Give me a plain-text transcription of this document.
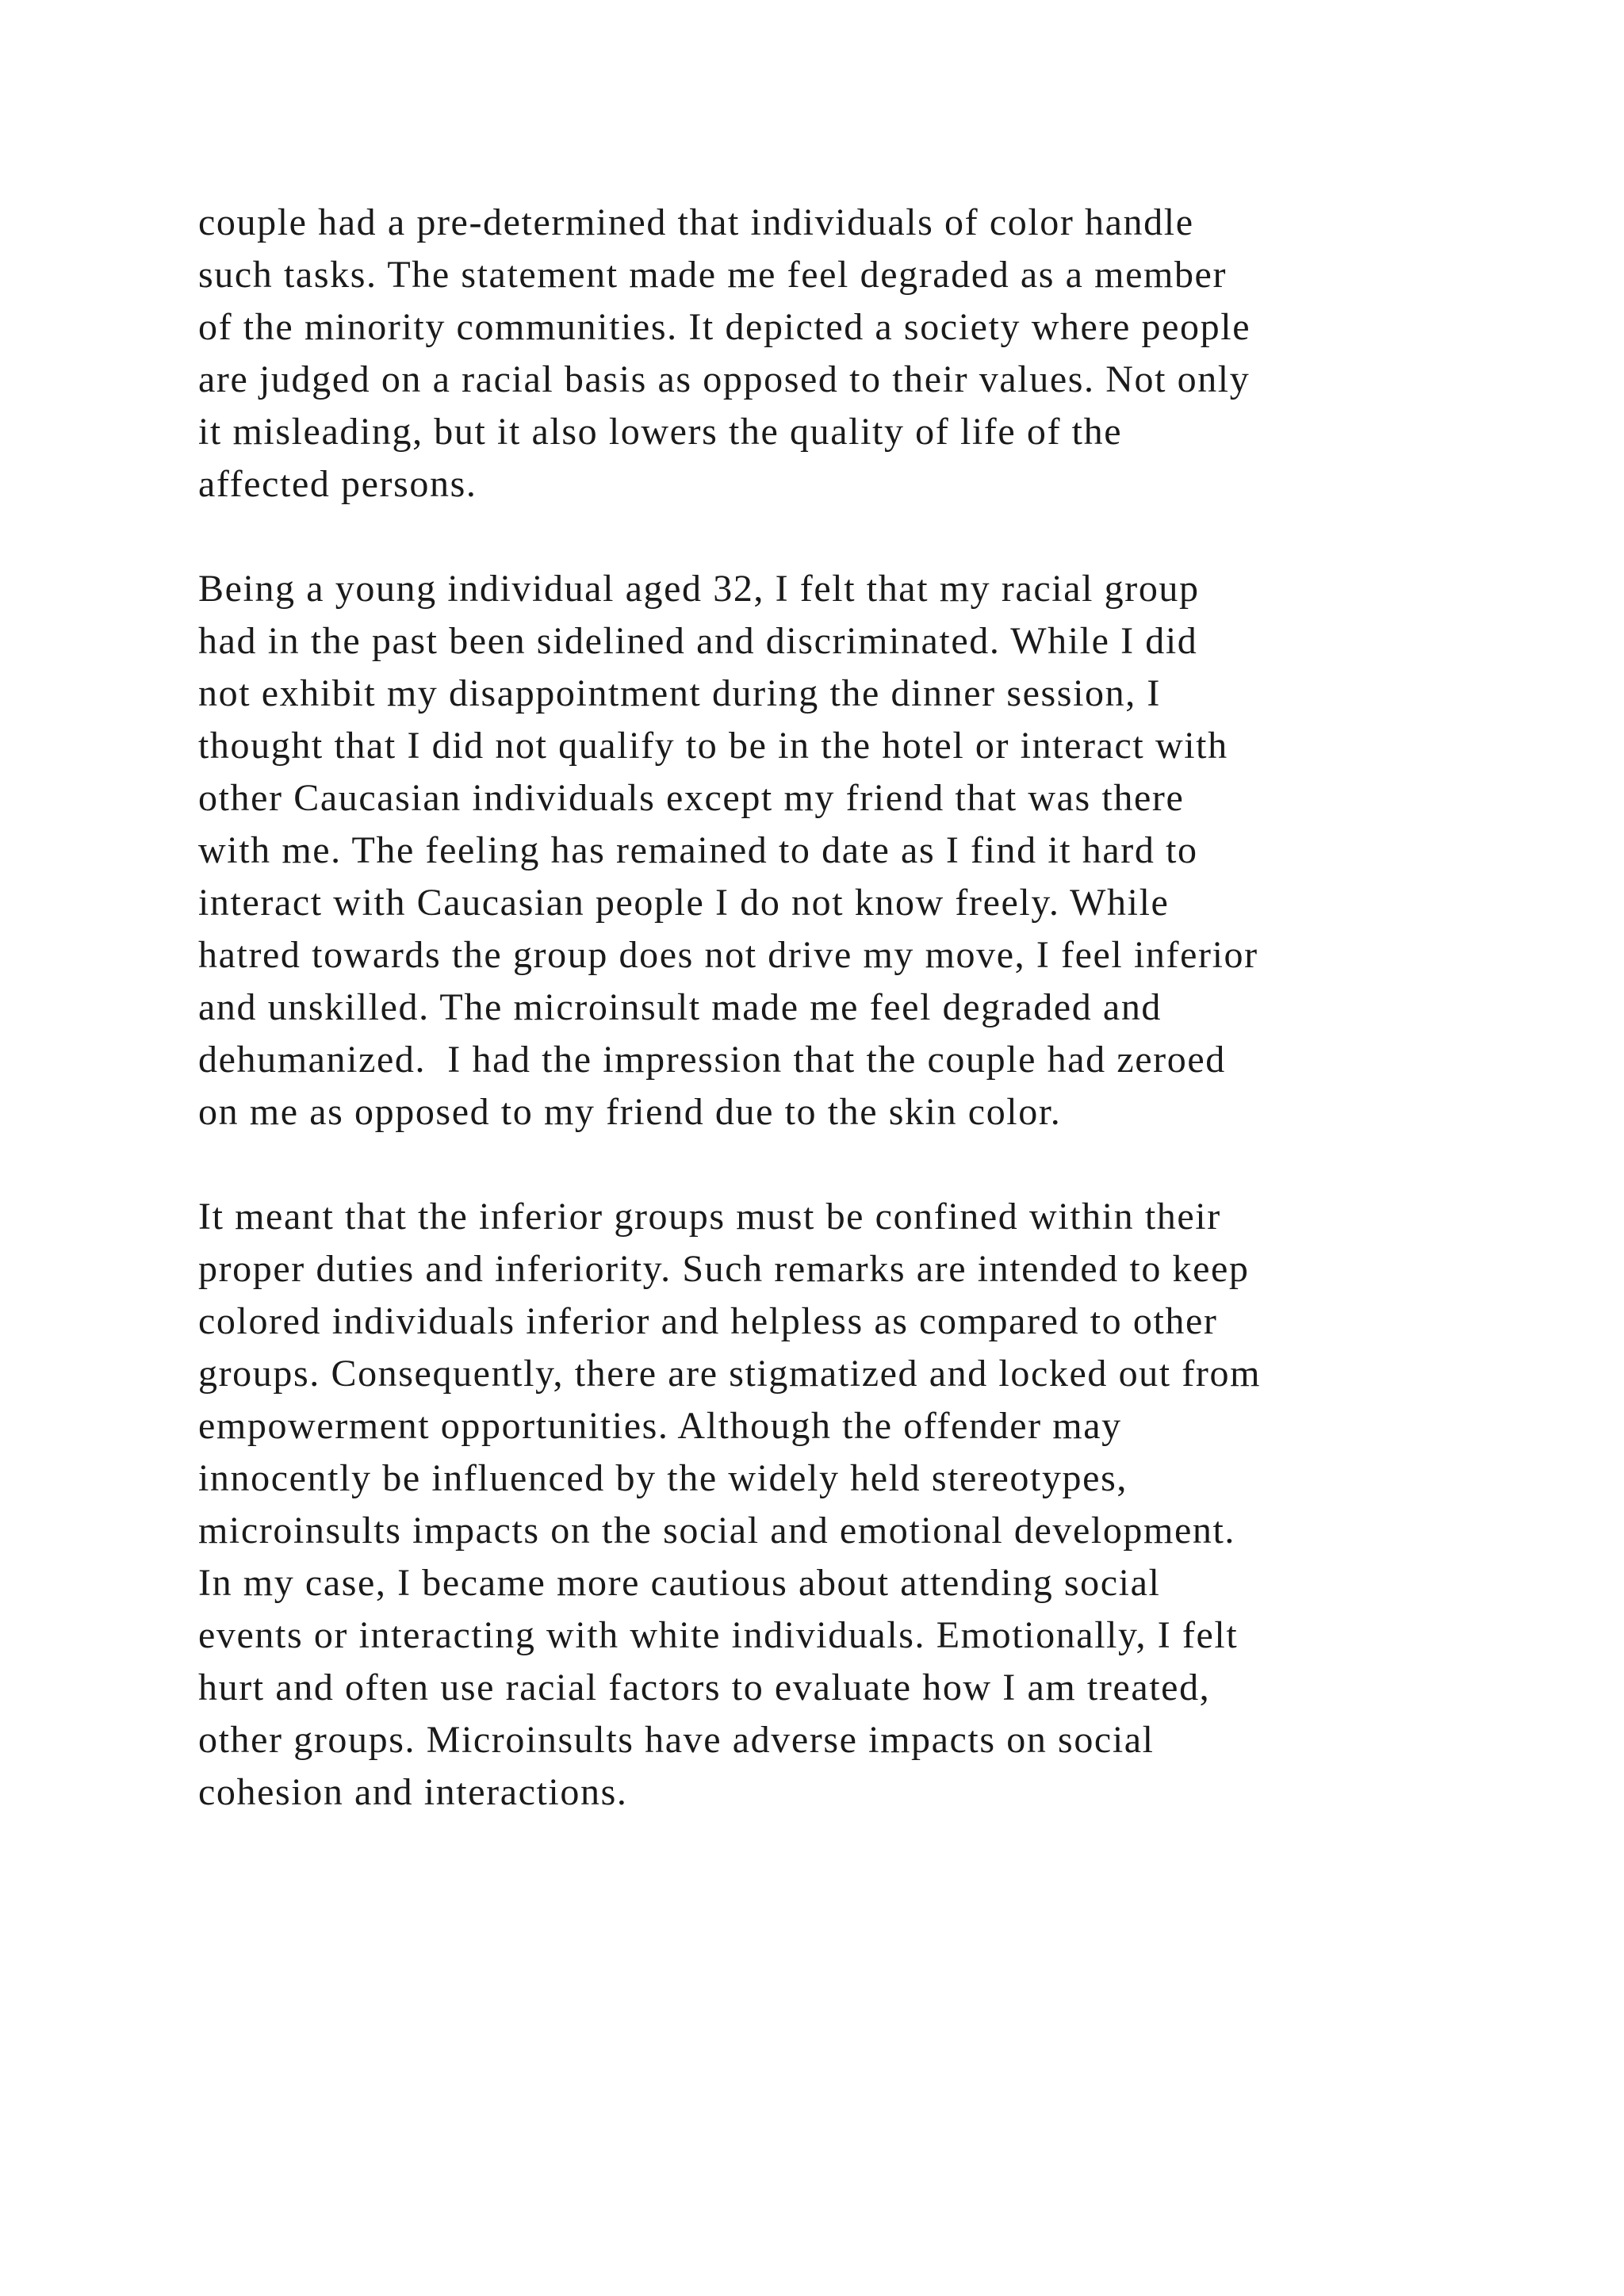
couple had a pre-determined that individuals of color handle
such tasks. The statement made me feel degraded as a member
of the minority communities. It depicted a society where people
are judged on a racial basis as opposed to their values. Not only
it misleading, but it also lowers the quality of life of the
affected persons.
Being a young individual aged 32, I felt that my racial group
had in the past been sidelined and discriminated. While I did
not exhibit my disappointment during the dinner session, I
thought that I did not qualify to be in the hotel or interact with
other Caucasian individuals except my friend that was there
with me. The feeling has remained to date as I find it hard to
interact with Caucasian people I do not know freely. While
hatred towards the group does not drive my move, I feel inferior
and unskilled. The microinsult made me feel degraded and
dehumanized.  I had the impression that the couple had zeroed
on me as opposed to my friend due to the skin color.
It meant that the inferior groups must be confined within their
proper duties and inferiority. Such remarks are intended to keep
colored individuals inferior and helpless as compared to other
groups. Consequently, there are stigmatized and locked out from
empowerment opportunities. Although the offender may
innocently be influenced by the widely held stereotypes,
microinsults impacts on the social and emotional development.
In my case, I became more cautious about attending social
events or interacting with white individuals. Emotionally, I felt
hurt and often use racial factors to evaluate how I am treated,
other groups. Microinsults have adverse impacts on social
cohesion and interactions.
